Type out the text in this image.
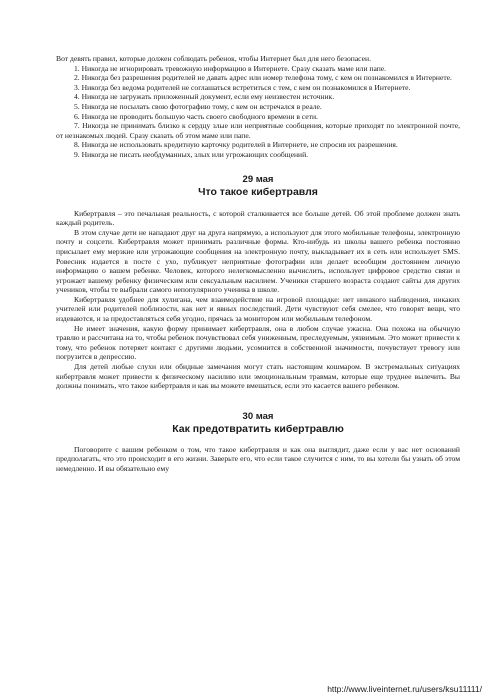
Вот девять правил, которые должен соблюдать ребенок, чтобы Интернет был для него безопасен.

1. Никогда не игнорировать тревожную информацию в Интернете. Сразу сказать маме или папе.

2. Никогда без разрешения родителей не давать адрес или номер телефона тому, с кем он познакомился в Интернете.

3. Никогда без ведома родителей не соглашаться встретиться с тем, с кем он познакомился в Интернете.

4. Никогда не загружать приложенный документ, если ему неизвестен источник.

5. Никогда не посылать свою фотографию тому, с кем он встречался в реале.

6. Никогда не проводить большую часть своего свободного времени в сети.

7. Никогда не принимать близко к сердцу злые или неприятные сообщения, которые приходят по электронной почте, от незнакомых людей. Сразу сказать об этом маме или папе.

8. Никогда не использовать кредитную карточку родителей в Интернете, не спросив их разрешения.

9. Никогда не писать необдуманных, злых или угрожающих сообщений.

29 мая
Что такое кибертравля

Кибертравля – это печальная реальность, с которой сталкивается все больше детей. Об этой проблеме должен знать каждый родитель.

В этом случае дети не нападают друг на друга напрямую, а используют для этого мобильные телефоны, электронную почту и соцсети. Кибертравля может принимать различные формы. Кто-нибудь из школы вашего ребенка постоянно присылает ему мерзкие или угрожающие сообщения на электронную почту, выкладывает их в сеть или использует SMS. Ровесник издается в посте с ухо, публикует неприятные фотографии или делает всеобщим достоянием личную информацию о вашем ребенке. Человек, которого нелегкомысленно вычислить, использует цифровое средство связи и угрожает вашему ребенку физическим или сексуальным насилием. Ученики старшего возраста создают сайты для других учеников, чтобы те выбрали самого непопулярного ученика в школе.

Кибертравля удобнее для хулигана, чем взаимодействие на игровой площадке: нет никакого наблюдения, никаких учителей или родителей поблизости, как нет и явных последствий. Дети чувствуют себя смелее, что говорят вещи, что издеваются, и за предоставляться себя угодно, прячась за монитором или мобильным телефоном.

Не имеет значения, какую форму принимает кибертравля, она в любом случае ужасна. Она похожа на обычную травлю и рассчитана на то, чтобы ребенок почувствовал себя униженным, преследуемым, уязвимым. Это может привести к тому, что ребенок потеряет контакт с другими людьми, усомнится в собственной значимости, почувствует тревогу или погрузится в депрессию.

Для детей любые слухи или обидные замечания могут стать настоящим кошмаром. В экстремальных ситуациях кибертравля может привести к физическому насилию или эмоциональным травмам, которые еще труднее вылечить. Вы должны понимать, что такое кибертравля и как вы можете вмешаться, если это касается вашего ребенком.

30 мая
Как предотвратить кибертравлю

Поговорите с вашим ребенком о том, что такое кибертравля и как она выглядит, даже если у вас нет оснований предполагать, что это происходит в его жизни. Заверьте его, что если такое случится с ним, то вы хотели бы узнать об этом немедленно. И вы обязательно ему

http://www.liveinternet.ru/users/ksu11111/
